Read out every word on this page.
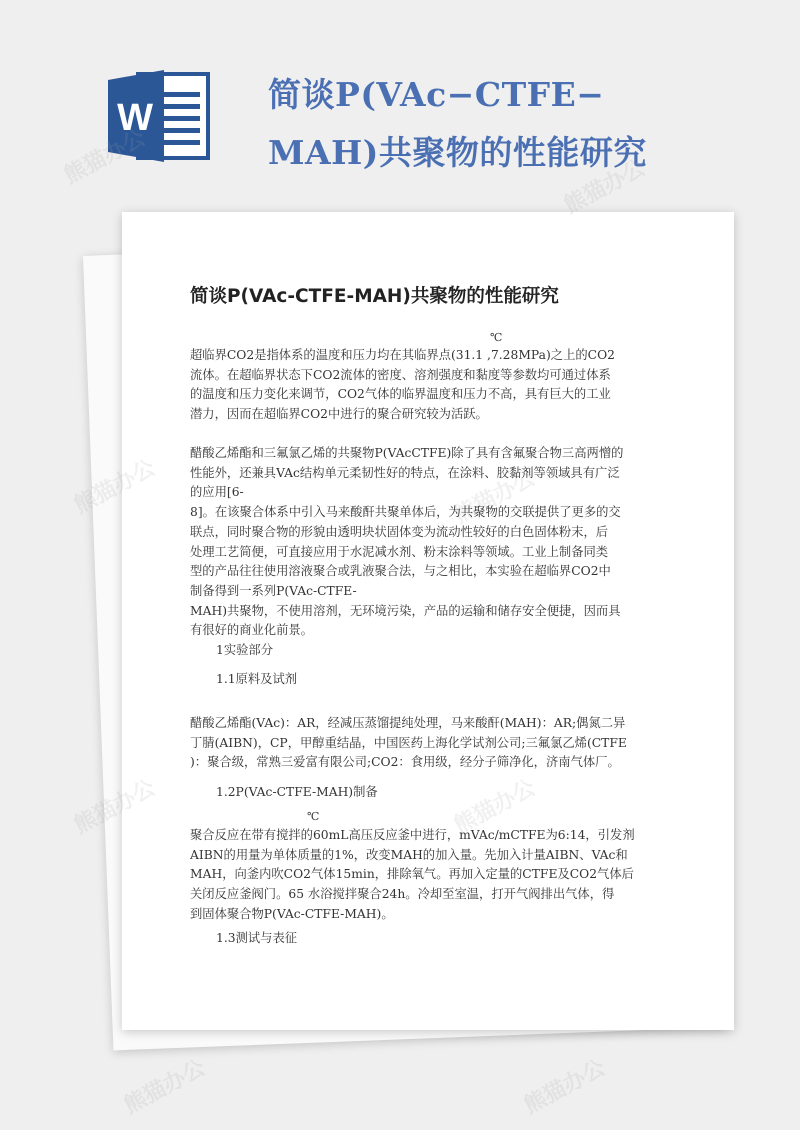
W
简谈P(VAc−CTFE−
MAH)共聚物的性能研究
熊猫办公	熊猫办公
熊猫办公	熊猫办公
简谈P(VAc-CTFE-MAH)共聚物的性能研究
℃
超临界CO2是指体系的温度和压力均在其临界点(31.1 ,7.28MPa)之上的CO2
流体。在超临界状态下CO2流体的密度、溶剂强度和黏度等参数均可通过体系
的温度和压力变化来调节，CO2气体的临界温度和压力不高，具有巨大的工业
潜力，因而在超临界CO2中进行的聚合研究较为活跃。
醋酸乙烯酯和三氟氯乙烯的共聚物P(VAcCTFE)除了具有含氟聚合物三高两憎的
性能外，还兼具VAc结构单元柔韧性好的特点，在涂料、胶黏剂等领域具有广泛
的应用[6-
8]。在该聚合体系中引入马来酸酐共聚单体后，为共聚物的交联提供了更多的交
联点，同时聚合物的形貌由透明块状固体变为流动性较好的白色固体粉末，后
处理工艺简便，可直接应用于水泥减水剂、粉末涂料等领域。工业上制备同类
型的产品往往使用溶液聚合或乳液聚合法，与之相比，本实验在超临界CO2中
制备得到一系列P(VAc-CTFE-
MAH)共聚物，不使用溶剂，无环境污染，产品的运输和储存安全便捷，因而具
有很好的商业化前景。
1实验部分
1.1原料及试剂
醋酸乙烯酯(VAc)：AR，经减压蒸馏提纯处理，马来酸酐(MAH)：AR;偶氮二异
丁腈(AIBN)，CP，甲醇重结晶，中国医药上海化学试剂公司;三氟氯乙烯(CTFE
)：聚合级，常熟三爱富有限公司;CO2：食用级，经分子筛净化，济南气体厂。
1.2P(VAc-CTFE-MAH)制备
℃
聚合反应在带有搅拌的60mL高压反应釜中进行，mVAc/mCTFE为6:14，引发剂
AIBN的用量为单体质量的1%，改变MAH的加入量。先加入计量AIBN、VAc和
MAH，向釜内吹CO2气体15min，排除氧气。再加入定量的CTFE及CO2气体后
关闭反应釜阀门。65 水浴搅拌聚合24h。冷却至室温，打开气阀排出气体，得
到固体聚合物P(VAc-CTFE-MAH)。
1.3测试与表征
